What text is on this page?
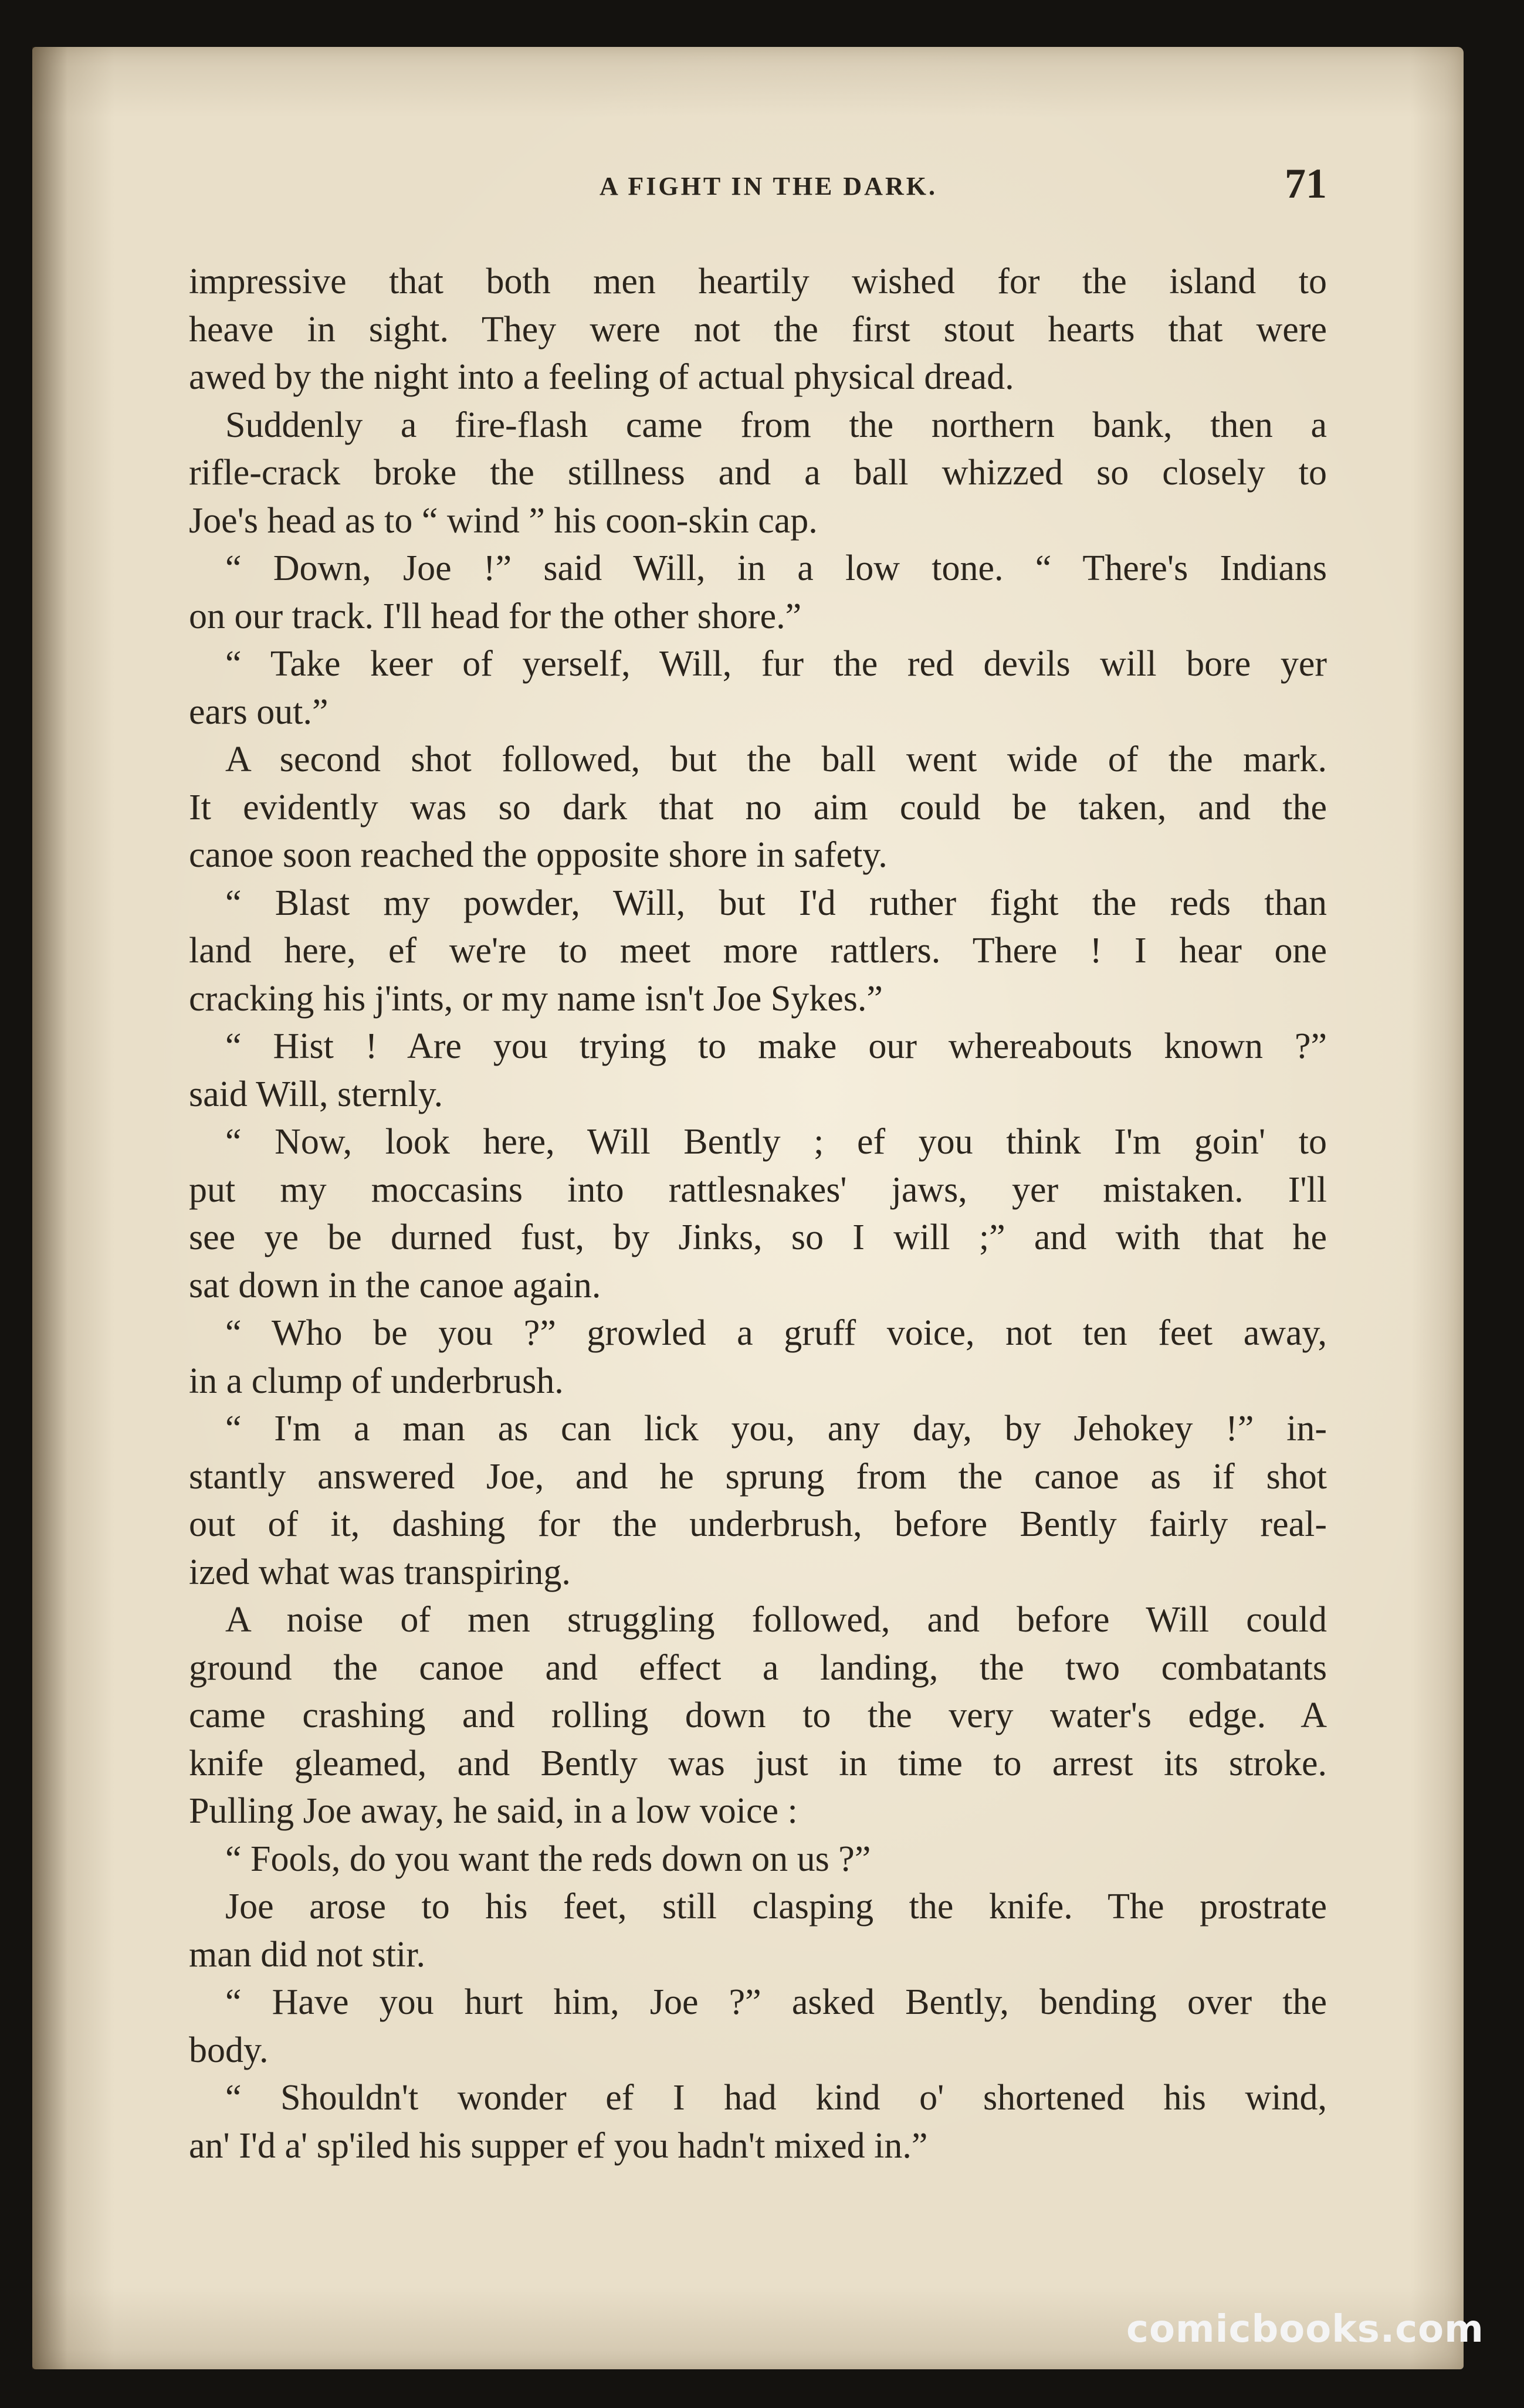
A FIGHT IN THE DARK.	71
impressive that both men heartily wished for the island to
heave in sight. They were not the first stout hearts that were
awed by the night into a feeling of actual physical dread.
 Suddenly a fire-flash came from the northern bank, then a
rifle-crack broke the stillness and a ball whizzed so closely to
Joe's head as to “ wind ” his coon-skin cap.
 “ Down, Joe !” said Will, in a low tone. “ There's Indians
on our track. I'll head for the other shore.”
 “ Take keer of yerself, Will, fur the red devils will bore yer
ears out.”
 A second shot followed, but the ball went wide of the mark.
It evidently was so dark that no aim could be taken, and the
canoe soon reached the opposite shore in safety.
 “ Blast my powder, Will, but I'd ruther fight the reds than
land here, ef we're to meet more rattlers. There ! I hear one
cracking his j'ints, or my name isn't Joe Sykes.”
 “ Hist ! Are you trying to make our whereabouts known ?”
said Will, sternly.
 “ Now, look here, Will Bently ; ef you think I'm goin' to
put my moccasins into rattlesnakes' jaws, yer mistaken. I'll
see ye be durned fust, by Jinks, so I will ;” and with that he
sat down in the canoe again.
 “ Who be you ?” growled a gruff voice, not ten feet away,
in a clump of underbrush.
 “ I'm a man as can lick you, any day, by Jehokey !” in-
stantly answered Joe, and he sprung from the canoe as if shot
out of it, dashing for the underbrush, before Bently fairly real-
ized what was transpiring.
 A noise of men struggling followed, and before Will could
ground the canoe and effect a landing, the two combatants
came crashing and rolling down to the very water's edge. A
knife gleamed, and Bently was just in time to arrest its stroke.
Pulling Joe away, he said, in a low voice :
 “ Fools, do you want the reds down on us ?”
 Joe arose to his feet, still clasping the knife. The prostrate
man did not stir.
 “ Have you hurt him, Joe ?” asked Bently, bending over the
body.
 “ Shouldn't wonder ef I had kind o' shortened his wind,
an' I'd a' sp'iled his supper ef you hadn't mixed in.”
comicbooks.com
